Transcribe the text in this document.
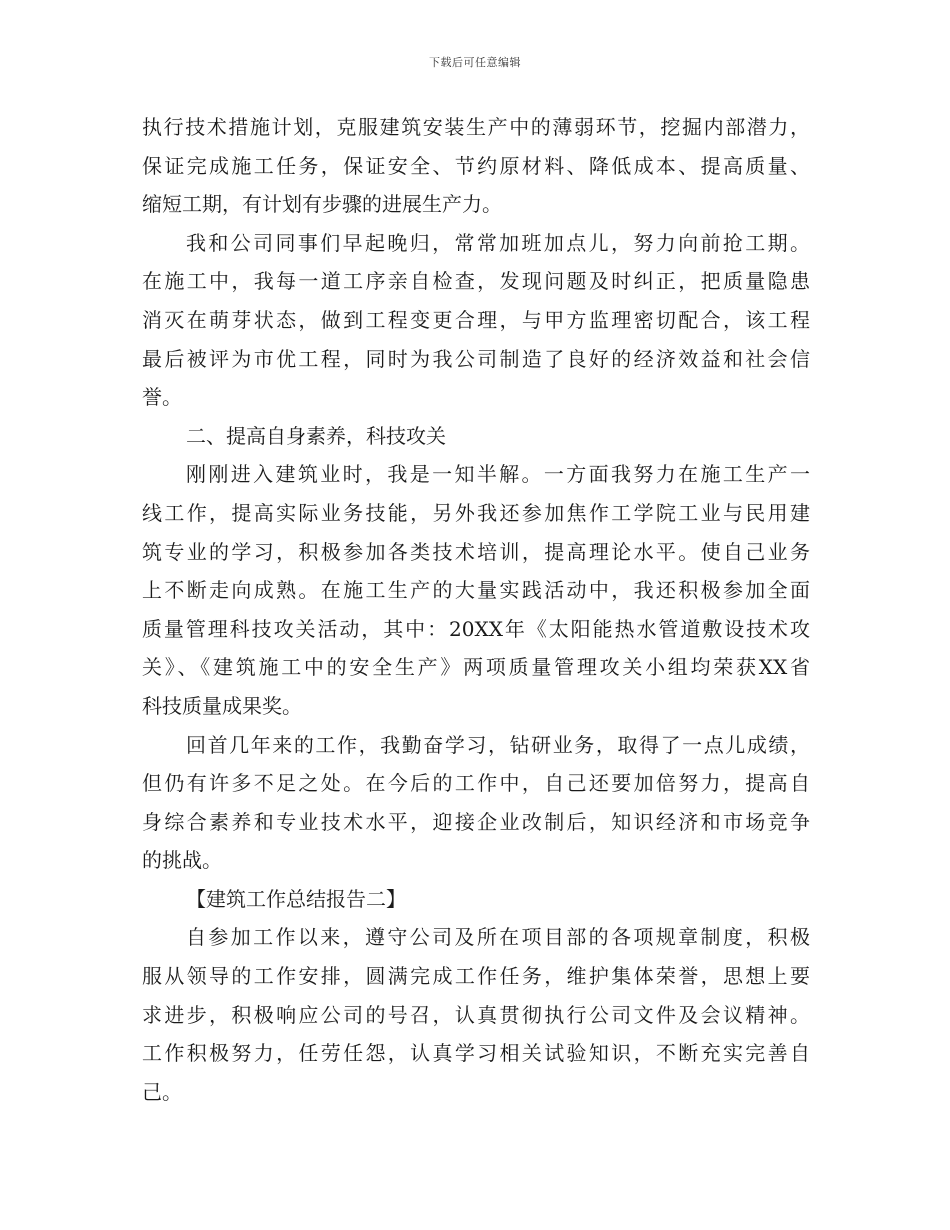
下载后可任意编辑
执行技术措施计划，克服建筑安装生产中的薄弱环节，挖掘内部潜力，
保证完成施工任务，保证安全、节约原材料、降低成本、提高质量、
缩短工期，有计划有步骤的进展生产力。
我和公司同事们早起晚归，常常加班加点儿，努力向前抢工期。
在施工中，我每一道工序亲自检查，发现问题及时纠正，把质量隐患
消灭在萌芽状态，做到工程变更合理，与甲方监理密切配合，该工程
最后被评为市优工程，同时为我公司制造了良好的经济效益和社会信
誉。
二、提高自身素养，科技攻关
刚刚进入建筑业时，我是一知半解。一方面我努力在施工生产一
线工作，提高实际业务技能，另外我还参加焦作工学院工业与民用建
筑专业的学习，积极参加各类技术培训，提高理论水平。使自己业务
上不断走向成熟。在施工生产的大量实践活动中，我还积极参加全面
质量管理科技攻关活动，其中：20XX年《太阳能热水管道敷设技术攻
关》、《建筑施工中的安全生产》两项质量管理攻关小组均荣获XX省
科技质量成果奖。
回首几年来的工作，我勤奋学习，钻研业务，取得了一点儿成绩，
但仍有许多不足之处。在今后的工作中，自己还要加倍努力，提高自
身综合素养和专业技术水平，迎接企业改制后，知识经济和市场竞争
的挑战。
【建筑工作总结报告二】
自参加工作以来，遵守公司及所在项目部的各项规章制度，积极
服从领导的工作安排，圆满完成工作任务，维护集体荣誉，思想上要
求进步，积极响应公司的号召，认真贯彻执行公司文件及会议精神。
工作积极努力，任劳任怨，认真学习相关试验知识，不断充实完善自
己。
